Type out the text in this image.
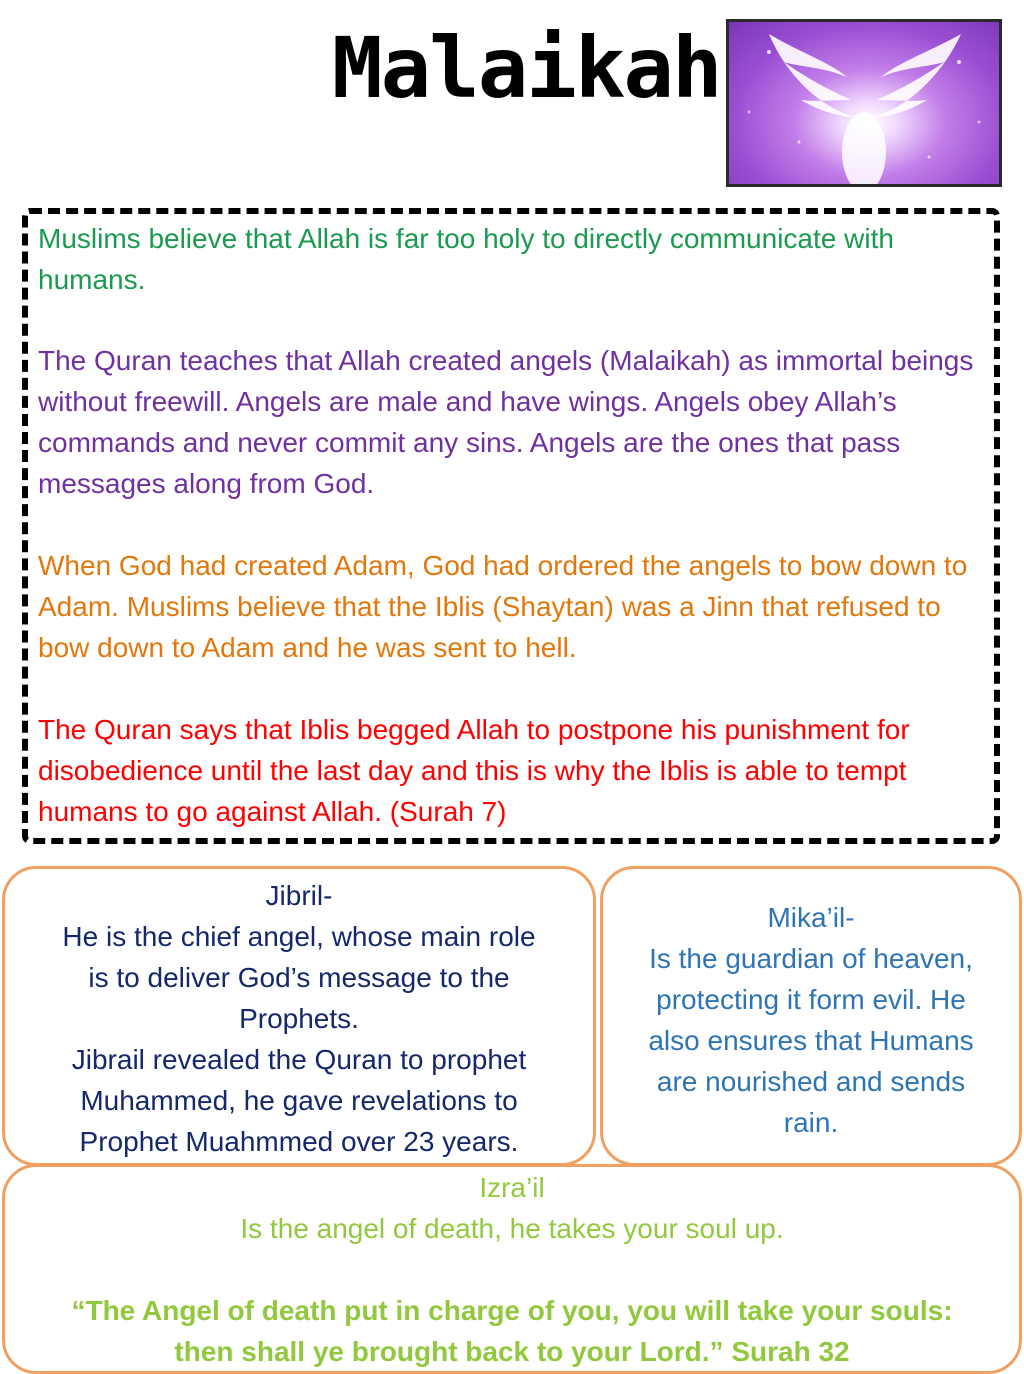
Malaikah

Muslims believe that Allah is far too holy to directly communicate with humans.

The Quran teaches that Allah created angels (Malaikah) as immortal beings without freewill. Angels are male and have wings. Angels obey Allah’s commands and never commit any sins. Angels are the ones that pass messages along from God.

When God had created Adam, God had ordered the angels to bow down to Adam. Muslims believe that the Iblis (Shaytan) was a Jinn that refused to bow down to Adam and he was sent to hell.

The Quran says that Iblis begged Allah to postpone his punishment for disobedience until the last day and this is why the Iblis is able to tempt humans to go against Allah. (Surah 7)

Jibril-
He is the chief angel, whose main role
is to deliver God’s message to the
Prophets.
Jibrail revealed the Quran to prophet
Muhammed, he gave revelations to
Prophet Muahmmed over 23 years.
Mika’il-
Is the guardian of heaven,
protecting it form evil. He
also ensures that Humans
are nourished and sends
rain.
Izra’il
Is the angel of death, he takes your soul up.

“The Angel of death put in charge of you, you will take your souls:
then shall ye brought back to your Lord.” Surah 32
